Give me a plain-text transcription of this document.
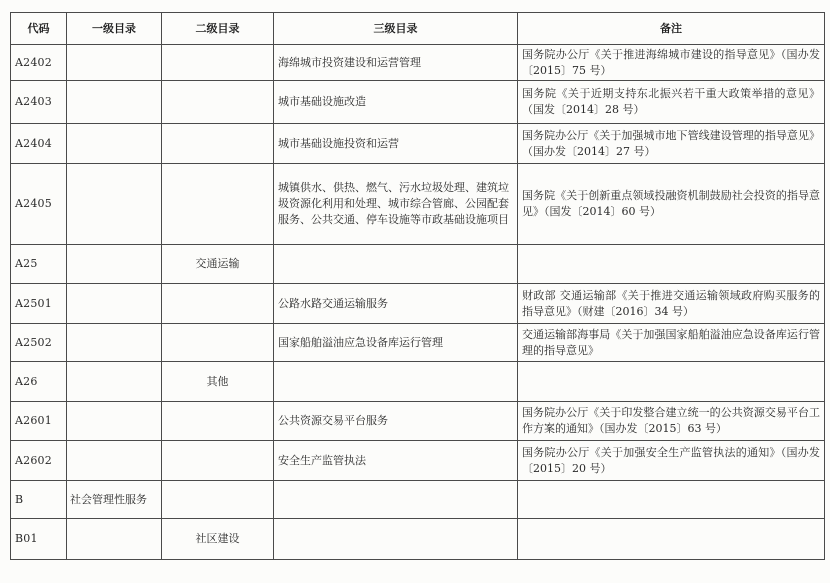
代码	一级目录	二级目录	三级目录	备注
A2402			海绵城市投资建设和运营管理	国务院办公厅《关于推进海绵城市建设的指导意见》（国办发〔2015〕75 号）
A2403			城市基础设施改造	国务院《关于近期支持东北振兴若干重大政策举措的意见》（国发〔2014〕28 号）
A2404			城市基础设施投资和运营	国务院办公厅《关于加强城市地下管线建设管理的指导意见》（国办发〔2014〕27 号）
A2405			城镇供水、供热、燃气、污水垃圾处理、建筑垃圾资源化利用和处理、城市综合管廊、公园配套服务、公共交通、停车设施等市政基础设施项目	国务院《关于创新重点领域投融资机制鼓励社会投资的指导意见》（国发〔2014〕60 号）
A25		交通运输		
A2501			公路水路交通运输服务	财政部 交通运输部《关于推进交通运输领域政府购买服务的指导意见》（财建〔2016〕34 号）
A2502			国家船舶溢油应急设备库运行管理	交通运输部海事局《关于加强国家船舶溢油应急设备库运行管理的指导意见》
A26		其他		
A2601			公共资源交易平台服务	国务院办公厅《关于印发整合建立统一的公共资源交易平台工作方案的通知》（国办发〔2015〕63 号）
A2602			安全生产监管执法	国务院办公厅《关于加强安全生产监管执法的通知》（国办发〔2015〕20 号）
B	社会管理性服务			
B01		社区建设		
